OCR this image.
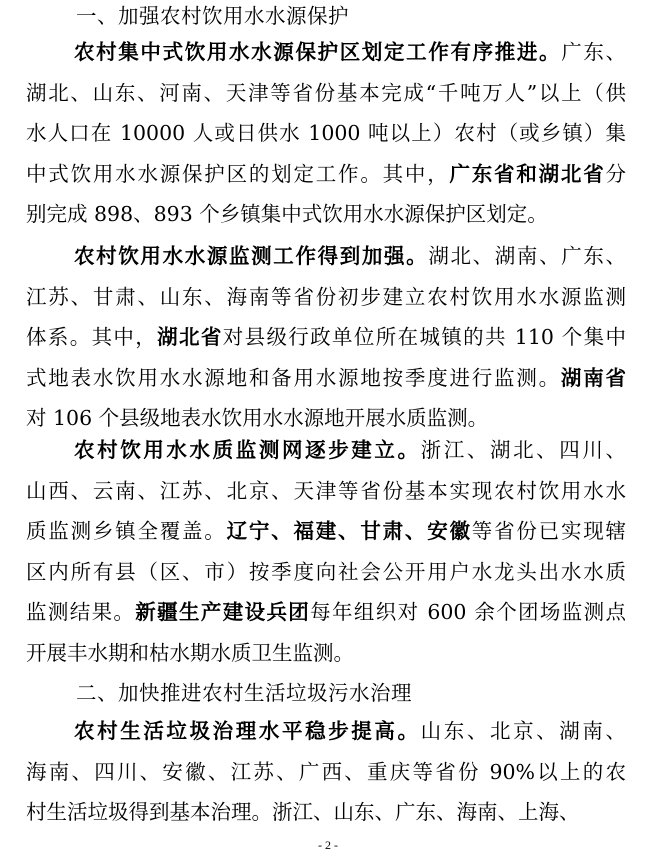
一、加强农村饮用水水源保护
农村集中式饮用水水源保护区划定工作有序推进。广东、
湖北、山东、河南、天津等省份基本完成“千吨万人”以上（供
水人口在 10000 人或日供水 1000 吨以上）农村（或乡镇）集
中式饮用水水源保护区的划定工作。其中，广东省和湖北省分
别完成 898、893 个乡镇集中式饮用水水源保护区划定。
农村饮用水水源监测工作得到加强。湖北、湖南、广东、
江苏、甘肃、山东、海南等省份初步建立农村饮用水水源监测
体系。其中，湖北省对县级行政单位所在城镇的共 110 个集中
式地表水饮用水水源地和备用水源地按季度进行监测。湖南省
对 106 个县级地表水饮用水水源地开展水质监测。
农村饮用水水质监测网逐步建立。浙江、湖北、四川、
山西、云南、江苏、北京、天津等省份基本实现农村饮用水水
质监测乡镇全覆盖。辽宁、福建、甘肃、安徽等省份已实现辖
区内所有县（区、市）按季度向社会公开用户水龙头出水水质
监测结果。新疆生产建设兵团每年组织对 600 余个团场监测点
开展丰水期和枯水期水质卫生监测。
二、加快推进农村生活垃圾污水治理
农村生活垃圾治理水平稳步提高。山东、北京、湖南、
海南、四川、安徽、江苏、广西、重庆等省份 90%以上的农
村生活垃圾得到基本治理。浙江、山东、广东、海南、上海、
- 2 -
